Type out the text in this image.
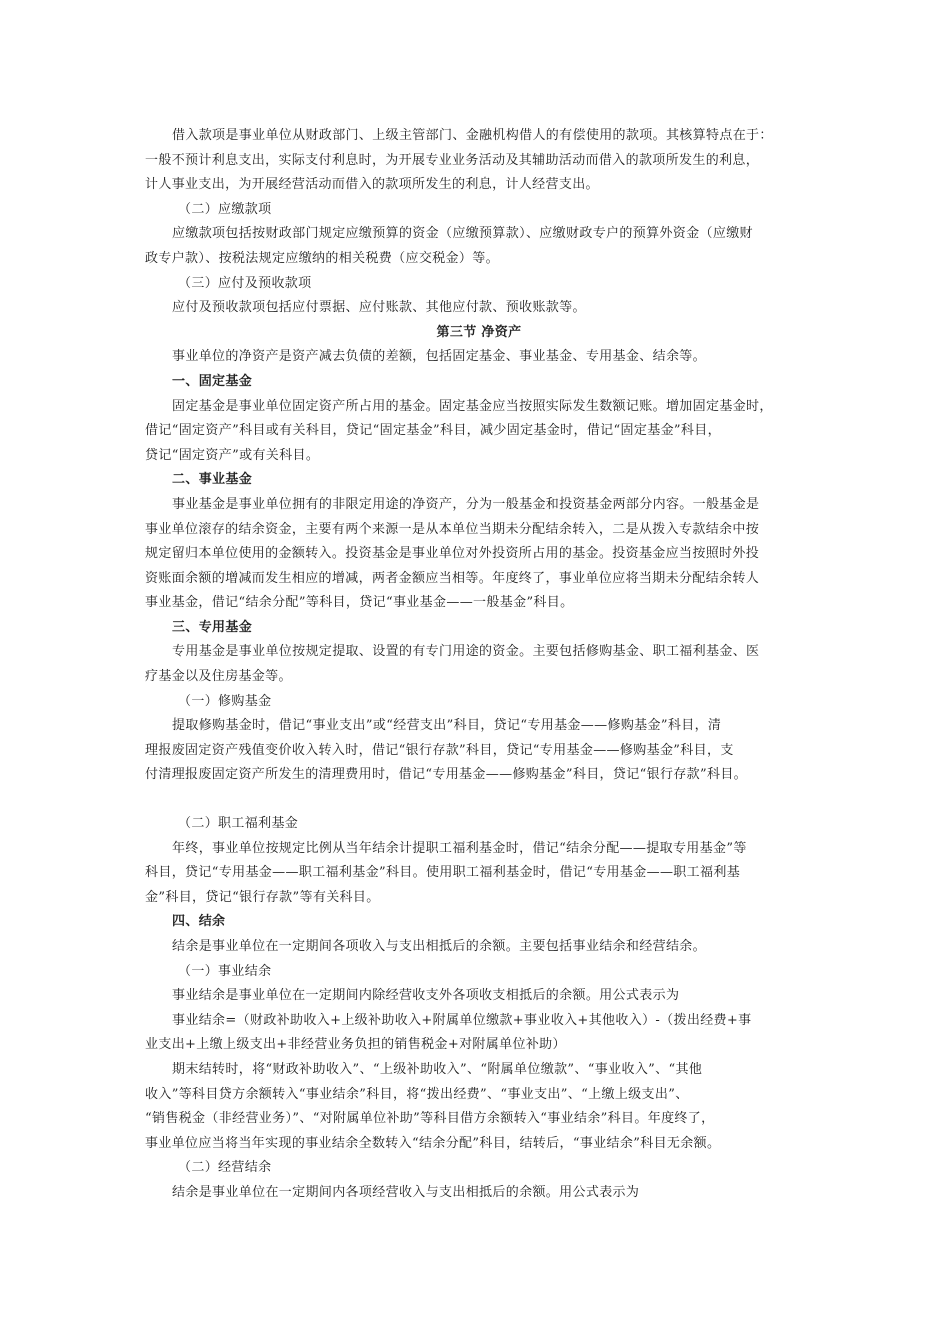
借入款项是事业单位从财政部门、上级主管部门、金融机构借人的有偿使用的款项。其核算特点在于：
一般不预计利息支出，实际支付利息时，为开展专业业务活动及其辅助活动而借入的款项所发生的利息，
计人事业支出，为开展经营活动而借入的款项所发生的利息，计人经营支出。
（二）应缴款项
应缴款项包括按财政部门规定应缴预算的资金（应缴预算款）、应缴财政专户的预算外资金（应缴财
政专户款）、按税法规定应缴纳的相关税费（应交税金）等。
（三）应付及预收款项
应付及预收款项包括应付票据、应付账款、其他应付款、预收账款等。
第三节 净资产
事业单位的净资产是资产减去负债的差额，包括固定基金、事业基金、专用基金、结余等。
一、固定基金
固定基金是事业单位固定资产所占用的基金。固定基金应当按照实际发生数额记账。增加固定基金时，
借记“固定资产”科目或有关科目，贷记“固定基金”科目，减少固定基金时，借记“固定基金”科目，
贷记“固定资产”或有关科目。
二、事业基金
事业基金是事业单位拥有的非限定用途的净资产，分为一般基金和投资基金两部分内容。一般基金是
事业单位滚存的结余资金，主要有两个来源一是从本单位当期未分配结余转入，二是从拨入专款结余中按
规定留归本单位使用的金额转入。投资基金是事业单位对外投资所占用的基金。投资基金应当按照时外投
资账面余额的增减而发生相应的增减，两者金额应当相等。年度终了，事业单位应将当期未分配结余转人
事业基金，借记“结余分配”等科目，贷记“事业基金——一般基金”科目。
三、专用基金
专用基金是事业单位按规定提取、设置的有专门用途的资金。主要包括修购基金、职工福利基金、医
疗基金以及住房基金等。
（一）修购基金
提取修购基金时，借记“事业支出”或“经营支出”科目，贷记“专用基金——修购基金”科目，清
理报废固定资产残值变价收入转入时，借记“银行存款”科目，贷记“专用基金——修购基金”科目，支
付清理报废固定资产所发生的清理费用时，借记“专用基金——修购基金”科目，贷记“银行存款”科目。
（二）职工福利基金
年终，事业单位按规定比例从当年结余计提职工福利基金时，借记“结余分配——提取专用基金”等
科目，贷记“专用基金——职工福利基金”科目。使用职工福利基金时，借记“专用基金——职工福利基
金”科目，贷记“银行存款”等有关科目。
四、结余
结余是事业单位在一定期间各项收入与支出相抵后的余额。主要包括事业结余和经营结余。
（一）事业结余
事业结余是事业单位在一定期间内除经营收支外各项收支相抵后的余额。用公式表示为
事业结余=（财政补助收入+上级补助收入+附属单位缴款+事业收入+其他收入）-（拨出经费+事
业支出+上缴上级支出+非经营业务负担的销售税金+对附属单位补助）
期末结转时，将“财政补助收入”、“上级补助收入”、“附属单位缴款”、“事业收入”、“其他
收入”等科目贷方余额转入“事业结余”科目，将“拨出经费”、“事业支出”、“上缴上级支出”、
“销售税金（非经营业务）”、“对附属单位补助”等科目借方余额转入“事业结余”科目。年度终了，
事业单位应当将当年实现的事业结余全数转入“结余分配”科目，结转后，“事业结余”科目无余额。
（二）经营结余
结余是事业单位在一定期间内各项经营收入与支出相抵后的余额。用公式表示为
